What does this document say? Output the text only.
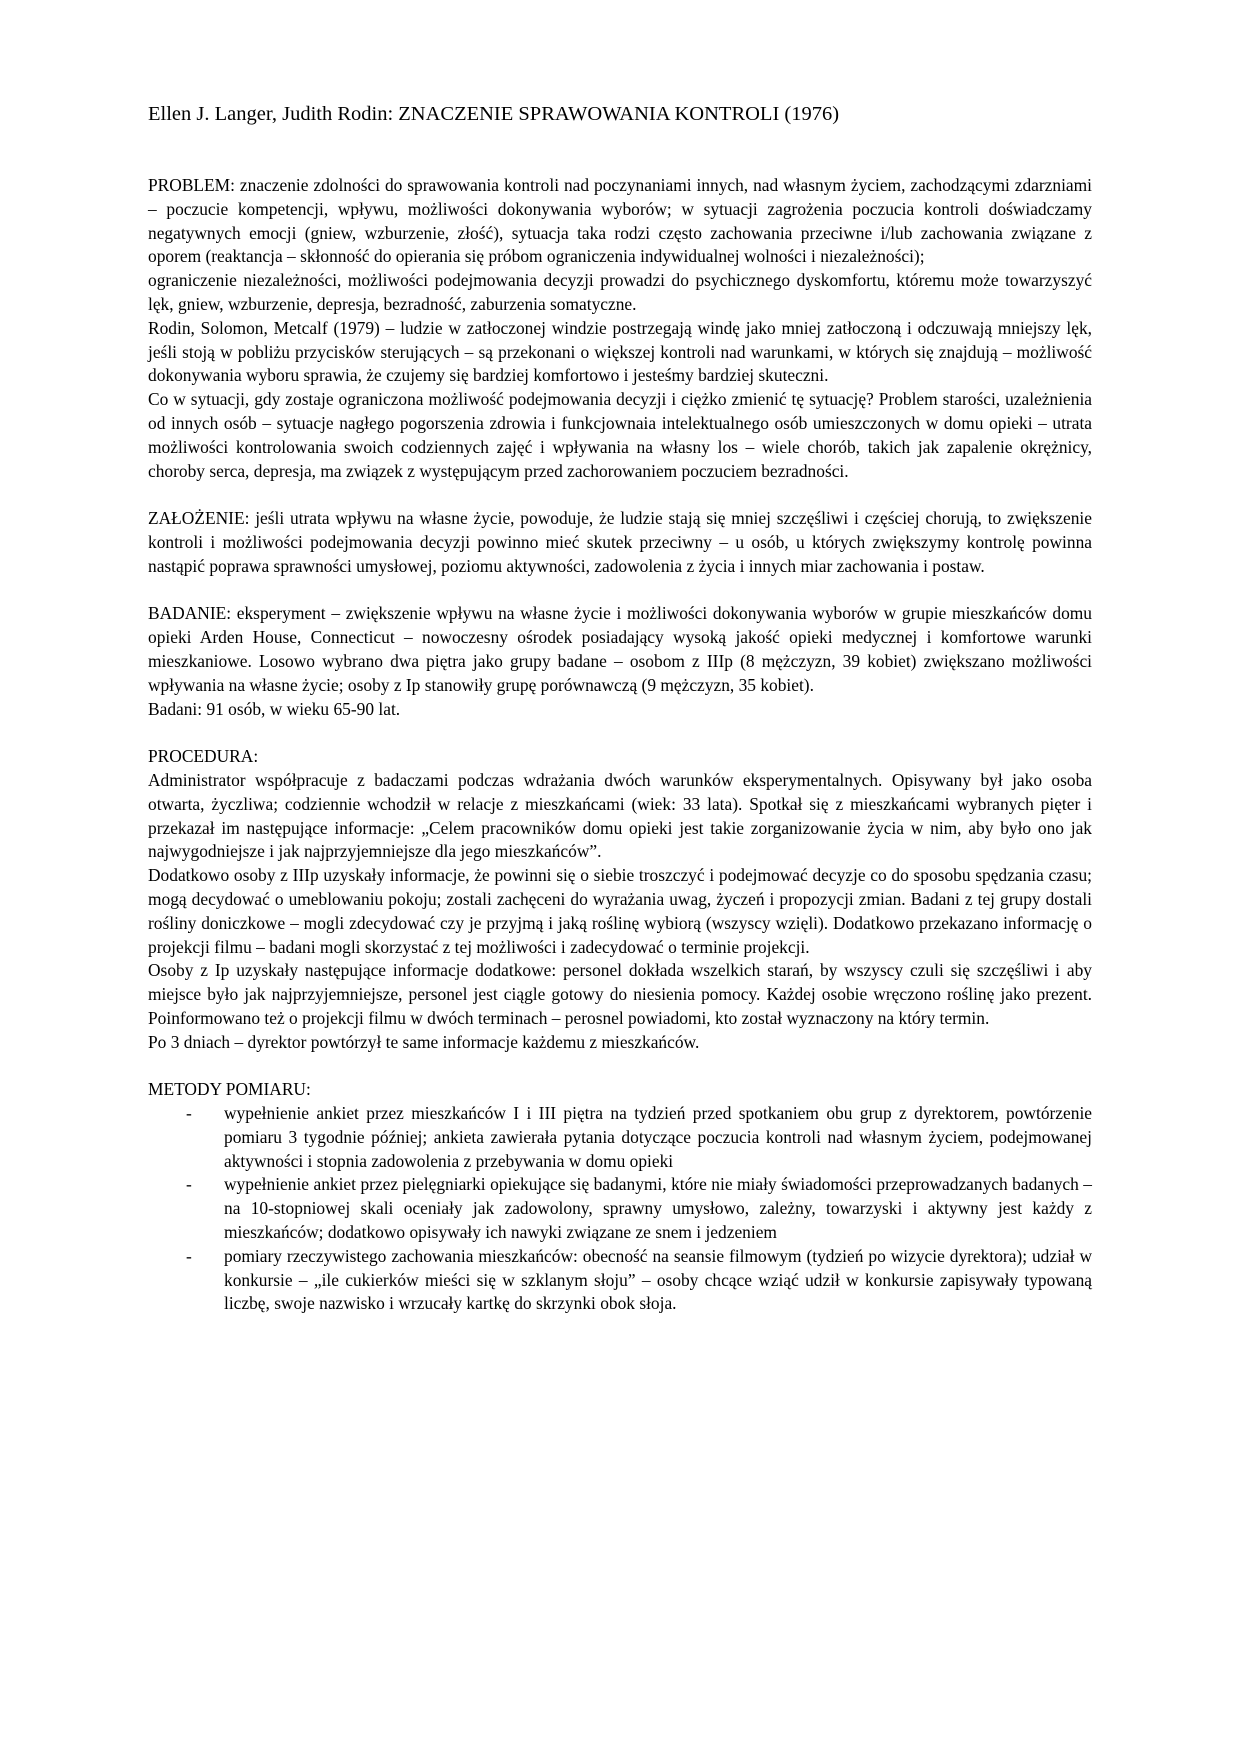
Ellen J. Langer, Judith Rodin: ZNACZENIE SPRAWOWANIA KONTROLI (1976)

PROBLEM: znaczenie zdolności do sprawowania kontroli nad poczynaniami innych, nad własnym życiem, zachodzącymi zdarzniami – poczucie kompetencji, wpływu, możliwości dokonywania wyborów; w sytuacji zagrożenia poczucia kontroli doświadczamy negatywnych emocji (gniew, wzburzenie, złość), sytuacja taka rodzi często zachowania przeciwne i/lub zachowania związane z oporem (reaktancja – skłonność do opierania się próbom ograniczenia indywidualnej wolności i niezależności);

ograniczenie niezależności, możliwości podejmowania decyzji prowadzi do psychicznego dyskomfortu, któremu może towarzyszyć lęk, gniew, wzburzenie, depresja, bezradność, zaburzenia somatyczne.

Rodin, Solomon, Metcalf (1979) – ludzie w zatłoczonej windzie postrzegają windę jako mniej zatłoczoną i odczuwają mniejszy lęk, jeśli stoją w pobliżu przycisków sterujących – są przekonani o większej kontroli nad warunkami, w których się znajdują – możliwość dokonywania wyboru sprawia, że czujemy się bardziej komfortowo i jesteśmy bardziej skuteczni.

Co w sytuacji, gdy zostaje ograniczona możliwość podejmowania decyzji i ciężko zmienić tę sytuację? Problem starości, uzależnienia od innych osób – sytuacje nagłego pogorszenia zdrowia i funkcjownaia intelektualnego osób umieszczonych w domu opieki – utrata możliwości kontrolowania swoich codziennych zajęć i wpływania na własny los – wiele chorób, takich jak zapalenie okrężnicy, choroby serca, depresja, ma związek z występującym przed zachorowaniem poczuciem bezradności.

ZAŁOŻENIE: jeśli utrata wpływu na własne życie, powoduje, że ludzie stają się mniej szczęśliwi i częściej chorują, to zwiększenie kontroli i możliwości podejmowania decyzji powinno mieć skutek przeciwny – u osób, u których zwiększymy kontrolę powinna nastąpić poprawa sprawności umysłowej, poziomu aktywności, zadowolenia z życia i innych miar zachowania i postaw.

BADANIE: eksperyment – zwiększenie wpływu na własne życie i możliwości dokonywania wyborów w grupie mieszkańców domu opieki Arden House, Connecticut – nowoczesny ośrodek posiadający wysoką jakość opieki medycznej i komfortowe warunki mieszkaniowe. Losowo wybrano dwa piętra jako grupy badane – osobom z IIIp (8 mężczyzn, 39 kobiet) zwiększano możliwości wpływania na własne życie; osoby z Ip stanowiły grupę porównawczą (9 mężczyzn, 35 kobiet).

Badani: 91 osób, w wieku 65-90 lat.

PROCEDURA:

Administrator współpracuje z badaczami podczas wdrażania dwóch warunków eksperymentalnych. Opisywany był jako osoba otwarta, życzliwa; codziennie wchodził w relacje z mieszkańcami (wiek: 33 lata). Spotkał się z mieszkańcami wybranych pięter i przekazał im następujące informacje: „Celem pracowników domu opieki jest takie zorganizowanie życia w nim, aby było ono jak najwygodniejsze i jak najprzyjemniejsze dla jego mieszkańców”.

Dodatkowo osoby z IIIp uzyskały informacje, że powinni się o siebie troszczyć i podejmować decyzje co do sposobu spędzania czasu; mogą decydować o umeblowaniu pokoju; zostali zachęceni do wyrażania uwag, życzeń i propozycji zmian. Badani z tej grupy dostali rośliny doniczkowe – mogli zdecydować czy je przyjmą i jaką roślinę wybiorą (wszyscy wzięli). Dodatkowo przekazano informację o projekcji filmu – badani mogli skorzystać z tej możliwości i zadecydować o terminie projekcji.

Osoby z Ip uzyskały następujące informacje dodatkowe: personel dokłada wszelkich starań, by wszyscy czuli się szczęśliwi i aby miejsce było jak najprzyjemniejsze, personel jest ciągle gotowy do niesienia pomocy. Każdej osobie wręczono roślinę jako prezent. Poinformowano też o projekcji filmu w dwóch terminach – perosnel powiadomi, kto został wyznaczony na który termin.

Po 3 dniach – dyrektor powtórzył te same informacje każdemu z mieszkańców.

METODY POMIARU:

- wypełnienie ankiet przez mieszkańców I i III piętra na tydzień przed spotkaniem obu grup z dyrektorem, powtórzenie pomiaru 3 tygodnie później; ankieta zawierała pytania dotyczące poczucia kontroli nad własnym życiem, podejmowanej aktywności i stopnia zadowolenia z przebywania w domu opieki
- wypełnienie ankiet przez pielęgniarki opiekujące się badanymi, które nie miały świadomości przeprowadzanych badanych – na 10-stopniowej skali oceniały jak zadowolony, sprawny umysłowo, zależny, towarzyski i aktywny jest każdy z mieszkańców; dodatkowo opisywały ich nawyki związane ze snem i jedzeniem
- pomiary rzeczywistego zachowania mieszkańców: obecność na seansie filmowym (tydzień po wizycie dyrektora); udział w konkursie – „ile cukierków mieści się w szklanym słoju” – osoby chcące wziąć udził w konkursie zapisywały typowaną liczbę, swoje nazwisko i wrzucały kartkę do skrzynki obok słoja.
